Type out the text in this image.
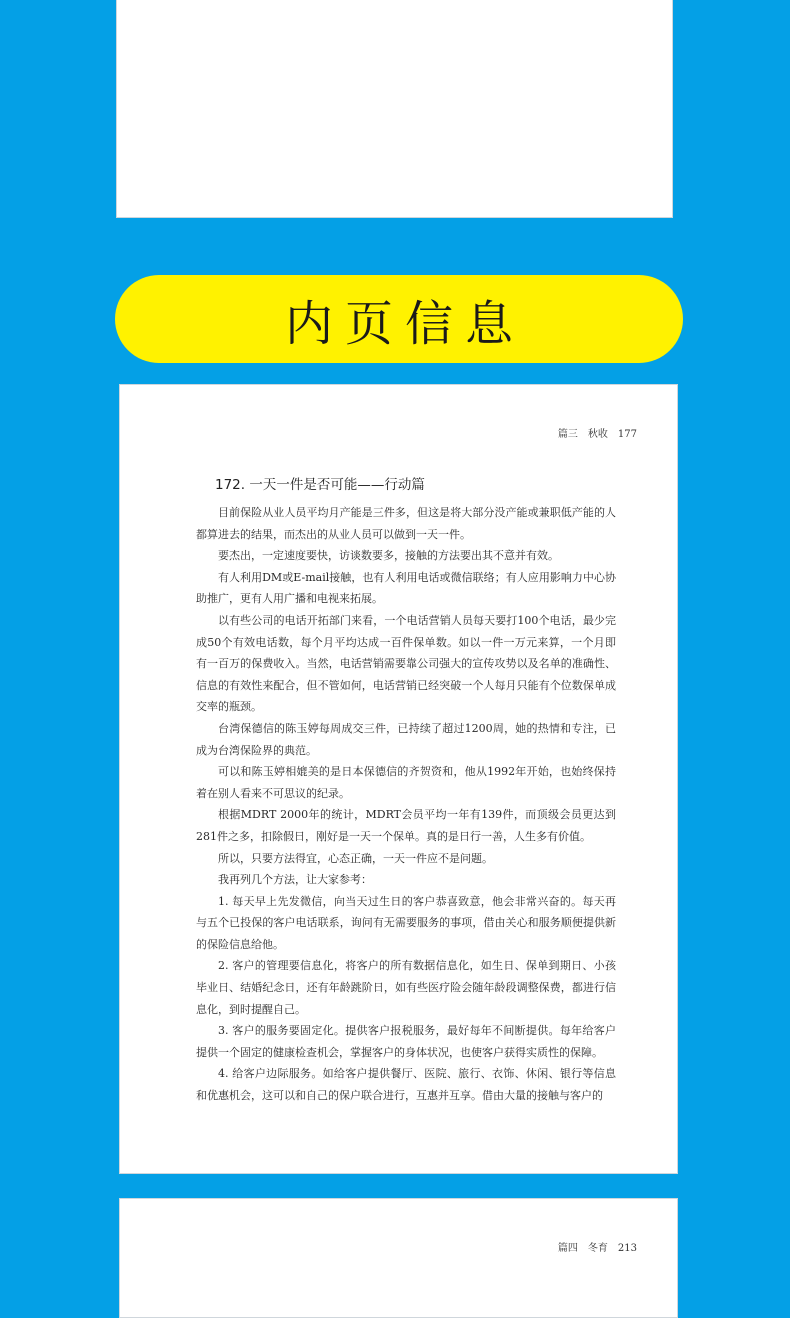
内页信息
篇三　秋收　177
172. 一天一件是否可能——行动篇

目前保险从业人员平均月产能是三件多，但这是将大部分没产能或兼职低产能的人都算进去的结果，而杰出的从业人员可以做到一天一件。

要杰出，一定速度要快，访谈数要多，接触的方法要出其不意并有效。

有人利用DM或E-mail接触，也有人利用电话或微信联络；有人应用影响力中心协助推广，更有人用广播和电视来拓展。

以有些公司的电话开拓部门来看，一个电话营销人员每天要打100个电话，最少完成50个有效电话数，每个月平均达成一百件保单数。如以一件一万元来算，一个月即有一百万的保费收入。当然，电话营销需要靠公司强大的宣传攻势以及名单的准确性、信息的有效性来配合，但不管如何，电话营销已经突破一个人每月只能有个位数保单成交率的瓶颈。

台湾保德信的陈玉婷每周成交三件，已持续了超过1200周，她的热情和专注，已成为台湾保险界的典范。

可以和陈玉婷相媲美的是日本保德信的齐贺资和，他从1992年开始，也始终保持着在别人看来不可思议的纪录。

根据MDRT 2000年的统计，MDRT会员平均一年有139件，而顶级会员更达到281件之多，扣除假日，刚好是一天一个保单。真的是日行一善，人生多有价值。

所以，只要方法得宜，心态正确，一天一件应不是问题。

我再列几个方法，让大家参考：

1. 每天早上先发微信，向当天过生日的客户恭喜致意，他会非常兴奋的。每天再与五个已投保的客户电话联系，询问有无需要服务的事项，借由关心和服务顺便提供新的保险信息给他。

2. 客户的管理要信息化，将客户的所有数据信息化，如生日、保单到期日、小孩毕业日、结婚纪念日，还有年龄跳阶日，如有些医疗险会随年龄段调整保费，都进行信息化，到时提醒自己。

3. 客户的服务要固定化。提供客户报税服务，最好每年不间断提供。每年给客户提供一个固定的健康检查机会，掌握客户的身体状况，也使客户获得实质性的保障。

4. 给客户边际服务。如给客户提供餐厅、医院、旅行、衣饰、休闲、银行等信息和优惠机会，这可以和自己的保户联合进行，互惠并互享。借由大量的接触与客户的

篇四　冬育　213
